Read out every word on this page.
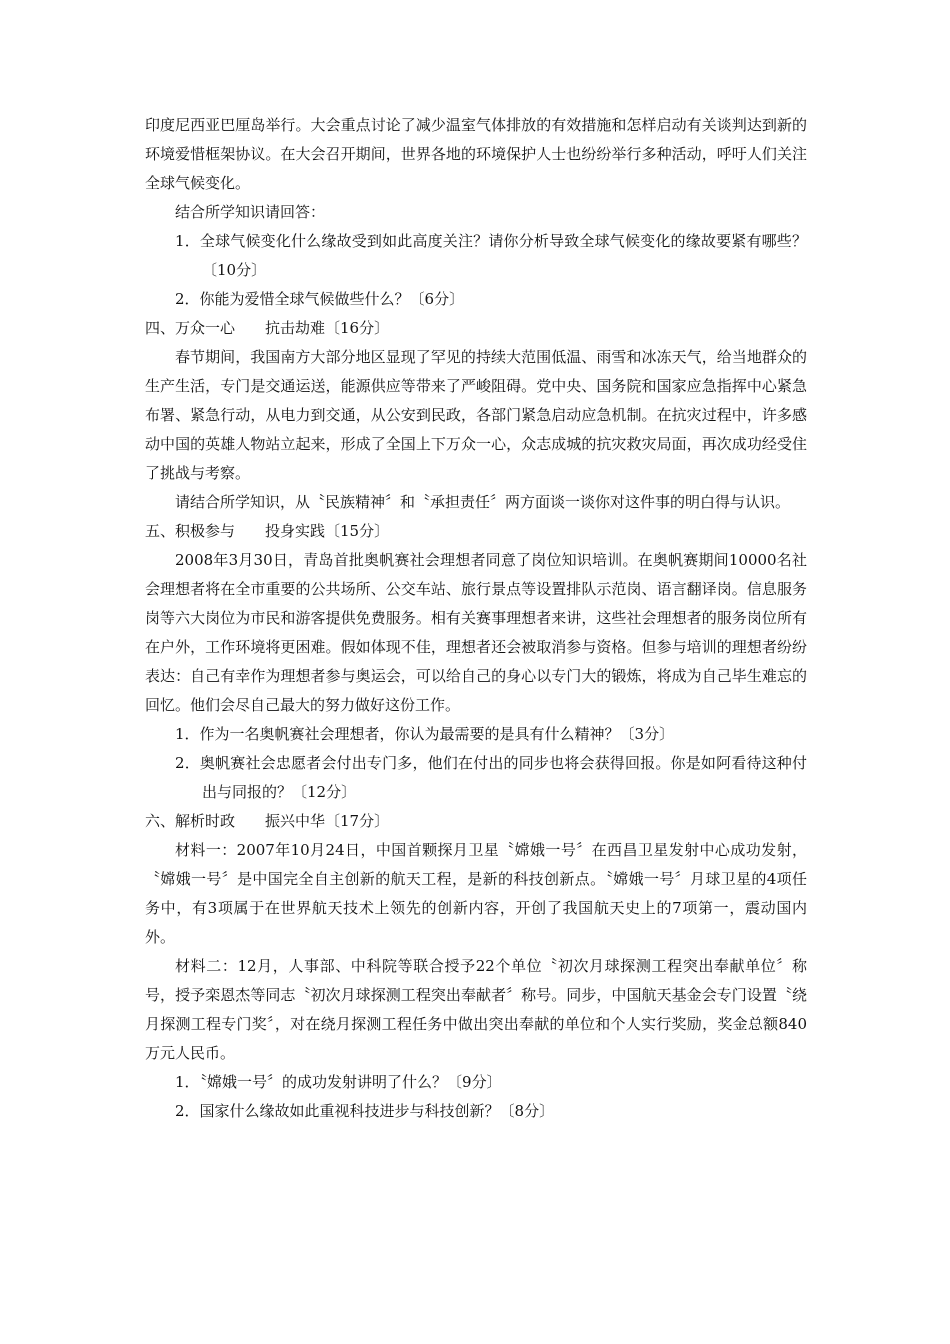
印度尼西亚巴厘岛举行。大会重点讨论了减少温室气体排放的有效措施和怎样启动有关谈判达到新的环境爱惜框架协议。在大会召开期间，世界各地的环境保护人士也纷纷举行多种活动，呼吁人们关注全球气候变化。

结合所学知识请回答：

1．全球气候变化什么缘故受到如此高度关注？请你分析导致全球气候变化的缘故要紧有哪些？〔10分〕

2．你能为爱惜全球气候做些什么？〔6分〕

四、万众一心 抗击劫难〔16分〕

春节期间，我国南方大部分地区显现了罕见的持续大范围低温、雨雪和冰冻天气，给当地群众的生产生活，专门是交通运送，能源供应等带来了严峻阻碍。党中央、国务院和国家应急指挥中心紧急布署、紧急行动，从电力到交通，从公安到民政，各部门紧急启动应急机制。在抗灾过程中，许多感动中国的英雄人物站立起来，形成了全国上下万众一心，众志成城的抗灾救灾局面，再次成功经受住了挑战与考察。

请结合所学知识，从〝民族精神〞和〝承担责任〞两方面谈一谈你对这件事的明白得与认识。

五、积极参与 投身实践〔15分〕

2008年3月30日，青岛首批奥帆赛社会理想者同意了岗位知识培训。在奥帆赛期间10000名社会理想者将在全市重要的公共场所、公交车站、旅行景点等设置排队示范岗、语言翻译岗。信息服务岗等六大岗位为市民和游客提供免费服务。相有关赛事理想者来讲，这些社会理想者的服务岗位所有在户外，工作环境将更困难。假如体现不佳，理想者还会被取消参与资格。但参与培训的理想者纷纷表达：自己有幸作为理想者参与奥运会，可以给自己的身心以专门大的锻炼，将成为自己毕生难忘的回忆。他们会尽自己最大的努力做好这份工作。

1．作为一名奥帆赛社会理想者，你认为最需要的是具有什么精神？〔3分〕

2．奥帆赛社会忠愿者会付出专门多，他们在付出的同步也将会获得回报。你是如阿看待这种付出与同报的？〔12分〕

六、解析时政 振兴中华〔17分〕

材料一：2007年10月24日，中国首颗探月卫星〝嫦娥一号〞在西昌卫星发射中心成功发射，〝嫦娥一号〞是中国完全自主创新的航天工程，是新的科技创新点。〝嫦娥一号〞月球卫星的4项任务中，有3项属于在世界航天技术上领先的创新内容，开创了我国航天史上的7项第一，震动国内外。

材料二：12月，人事部、中科院等联合授予22个单位〝初次月球探测工程突出奉献单位〞称号，授予栾恩杰等同志〝初次月球探测工程突出奉献者〞称号。同步，中国航天基金会专门设置〝绕月探测工程专门奖〞，对在绕月探测工程任务中做出突出奉献的单位和个人实行奖励，奖金总额840万元人民币。

1．〝嫦娥一号〞的成功发射讲明了什么？〔9分〕

2．国家什么缘故如此重视科技进步与科技创新？〔8分〕
